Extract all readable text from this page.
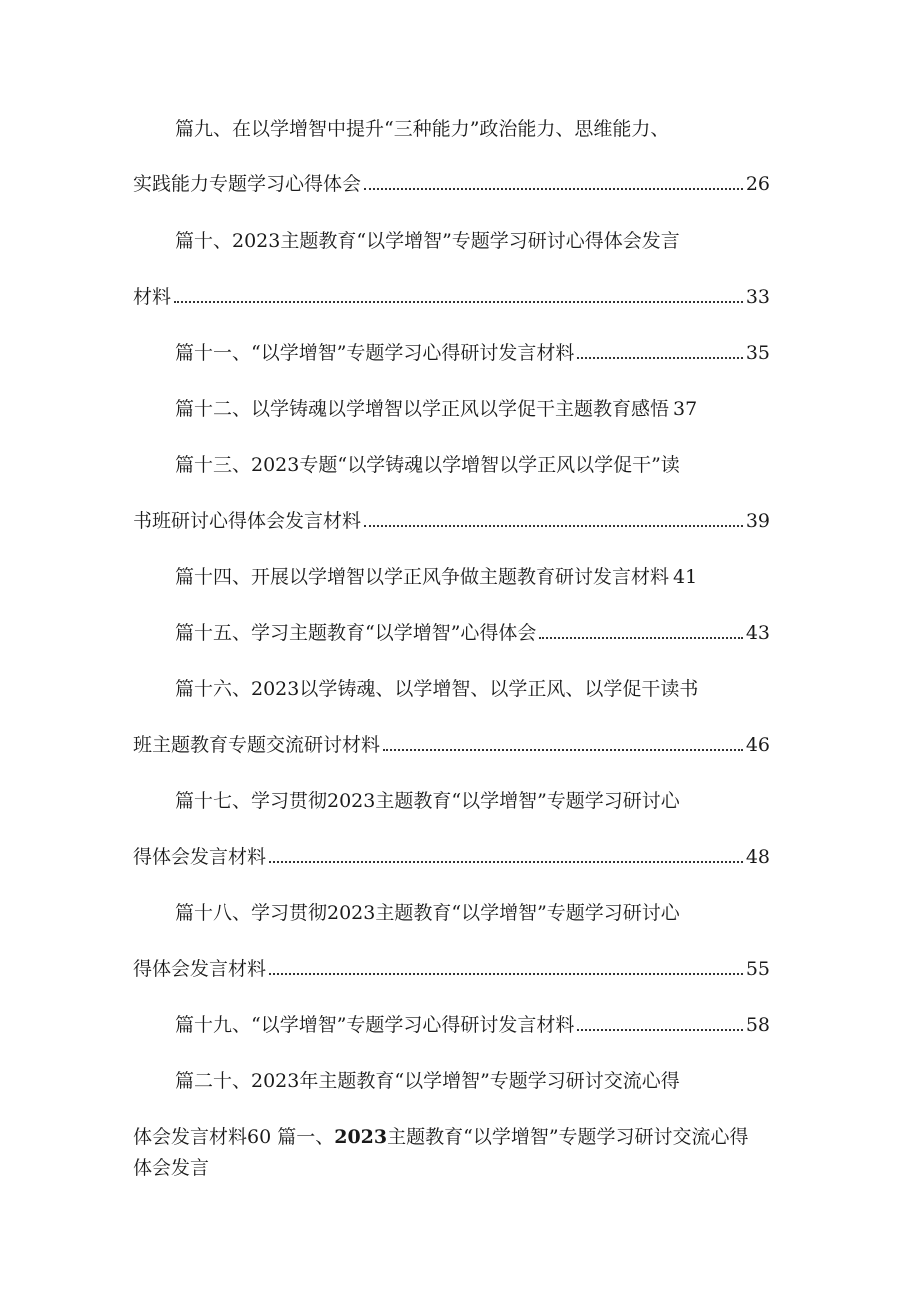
篇九、在以学增智中提升“三种能力”政治能力、思维能力、
实践能力专题学习心得体会	26
篇十、2023主题教育“以学增智”专题学习研讨心得体会发言
材料	33
篇十一、“以学增智”专题学习心得研讨发言材料	35
篇十二、以学铸魂以学增智以学正风以学促干主题教育感悟 37
篇十三、2023专题“以学铸魂以学增智以学正风以学促干”读
书班研讨心得体会发言材料	39
篇十四、开展以学增智以学正风争做主题教育研讨发言材料 41
篇十五、学习主题教育“以学增智”心得体会	43
篇十六、2023以学铸魂、以学增智、以学正风、以学促干读书
班主题教育专题交流研讨材料	46
篇十七、学习贯彻2023主题教育“以学增智”专题学习研讨心
得体会发言材料	48
篇十八、学习贯彻2023主题教育“以学增智”专题学习研讨心
得体会发言材料	55
篇十九、“以学增智”专题学习心得研讨发言材料	58
篇二十、2023年主题教育“以学增智”专题学习研讨交流心得
体会发言材料60 篇一、2023主题教育“以学增智”专题学习研讨交流心得
体会发言
